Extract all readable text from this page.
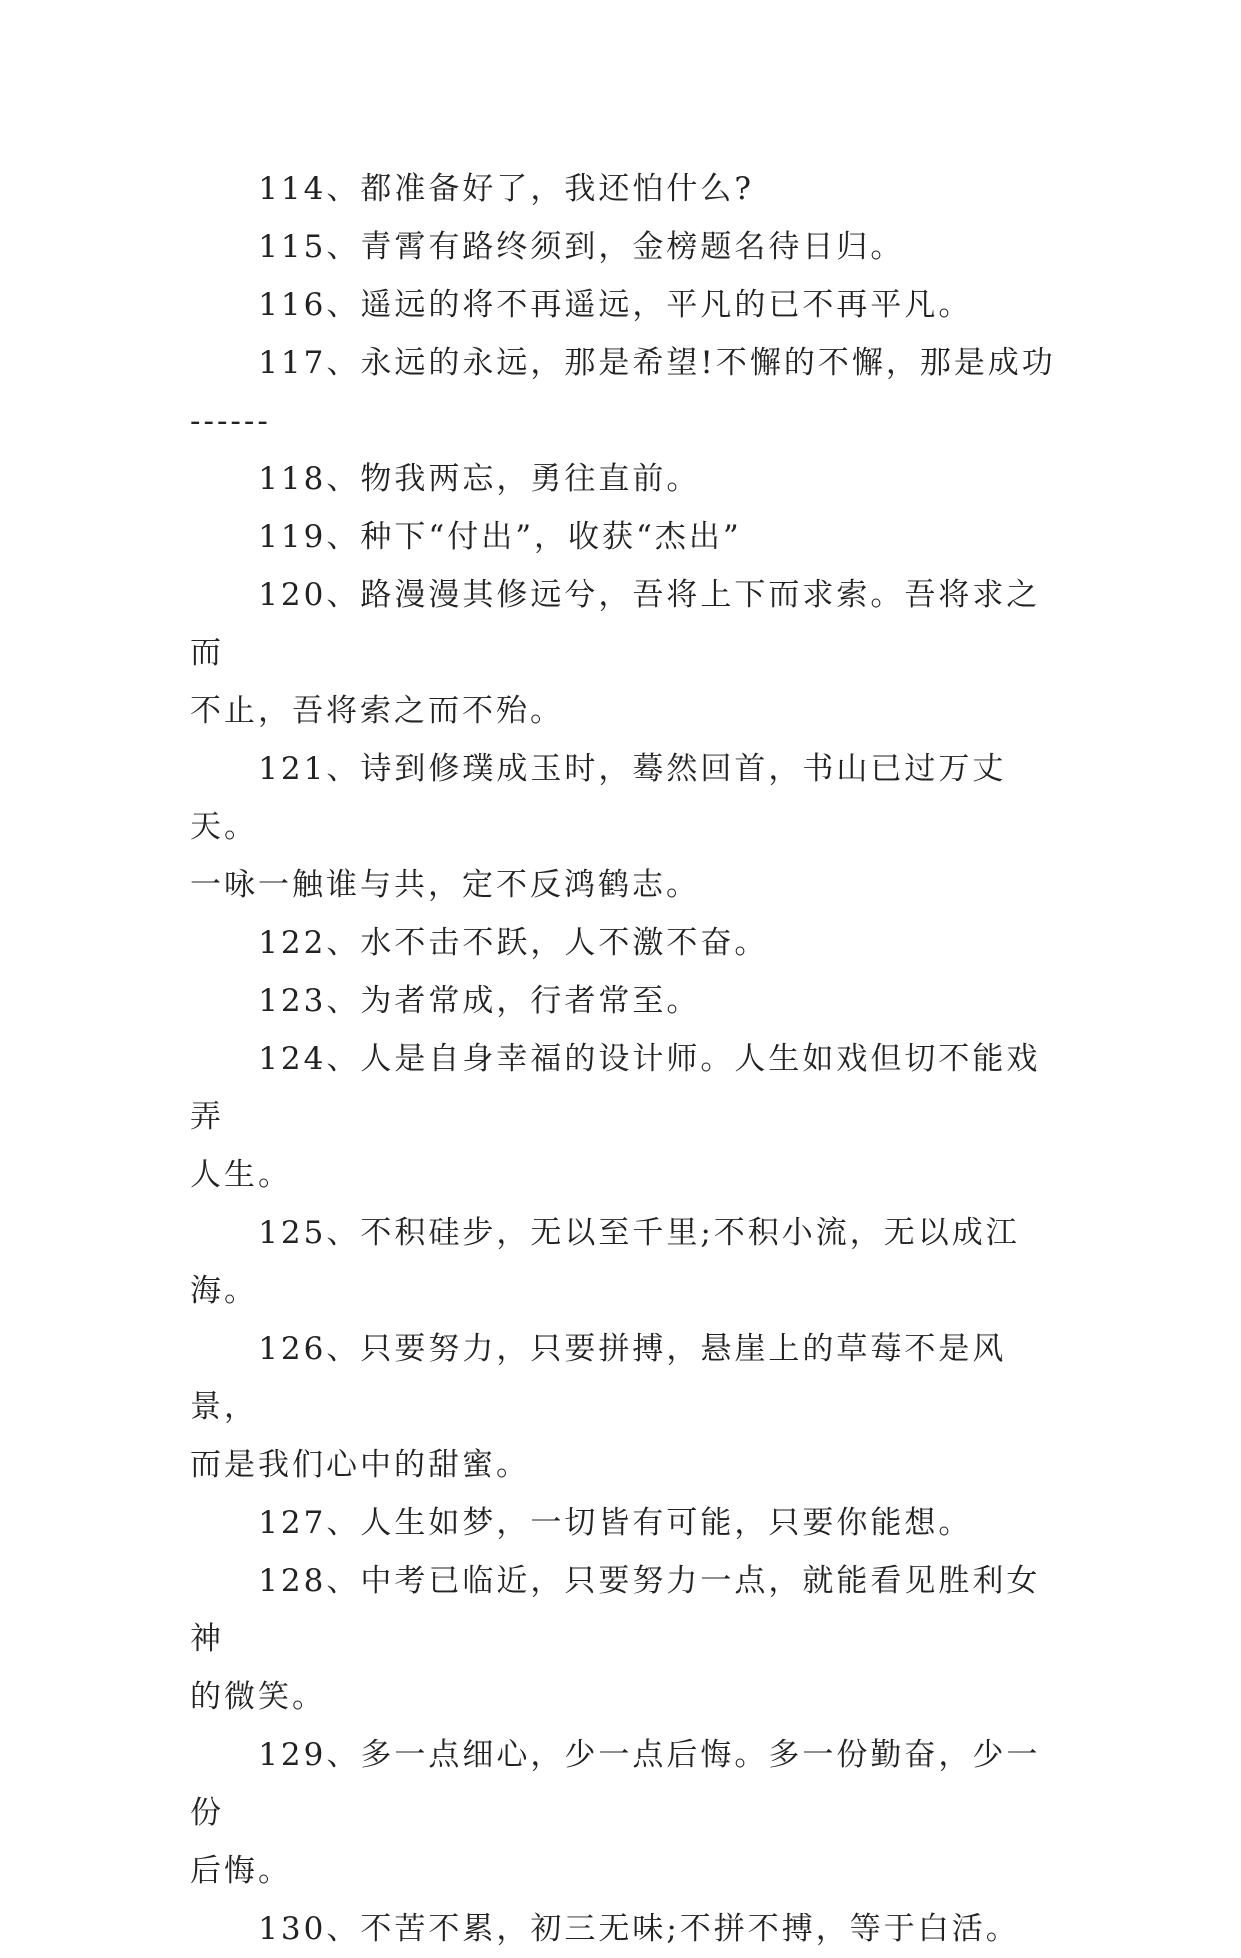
114、都准备好了，我还怕什么?

115、青霄有路终须到，金榜题名待日归。

116、遥远的将不再遥远，平凡的已不再平凡。

117、永远的永远，那是希望!不懈的不懈，那是成功
------

118、物我两忘，勇往直前。

119、种下“付出”，收获“杰出”

120、路漫漫其修远兮，吾将上下而求索。吾将求之而
不止，吾将索之而不殆。

121、诗到修璞成玉时，蓦然回首，书山已过万丈天。
一咏一触谁与共，定不反鸿鹤志。

122、水不击不跃，人不激不奋。

123、为者常成，行者常至。

124、人是自身幸福的设计师。人生如戏但切不能戏弄
人生。

125、不积硅步，无以至千里;不积小流，无以成江海。

126、只要努力，只要拼搏，悬崖上的草莓不是风景，
而是我们心中的甜蜜。

127、人生如梦，一切皆有可能，只要你能想。

128、中考已临近，只要努力一点，就能看见胜利女神
的微笑。

129、多一点细心，少一点后悔。多一份勤奋，少一份
后悔。

130、不苦不累，初三无味;不拼不搏，等于白活。
